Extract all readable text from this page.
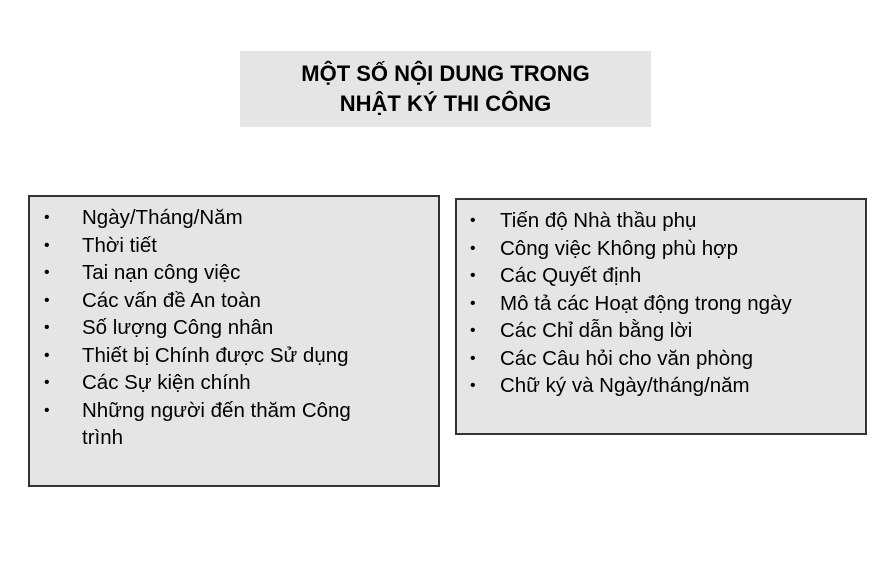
MỘT SỐ NỘI DUNG TRONG
NHẬT KÝ THI CÔNG
• Ngày/Tháng/Năm
• Thời tiết
• Tai nạn công việc
• Các vấn đề An toàn
• Số lượng Công nhân
• Thiết bị Chính được Sử dụng
• Các Sự kiện chính
• Những người đến thăm Công trình
• Tiến độ Nhà thầu phụ
• Công việc Không phù hợp
• Các Quyết định
• Mô tả các Hoạt động trong ngày
• Các Chỉ dẫn bằng lời
• Các Câu hỏi cho văn phòng
• Chữ ký và Ngày/tháng/năm
